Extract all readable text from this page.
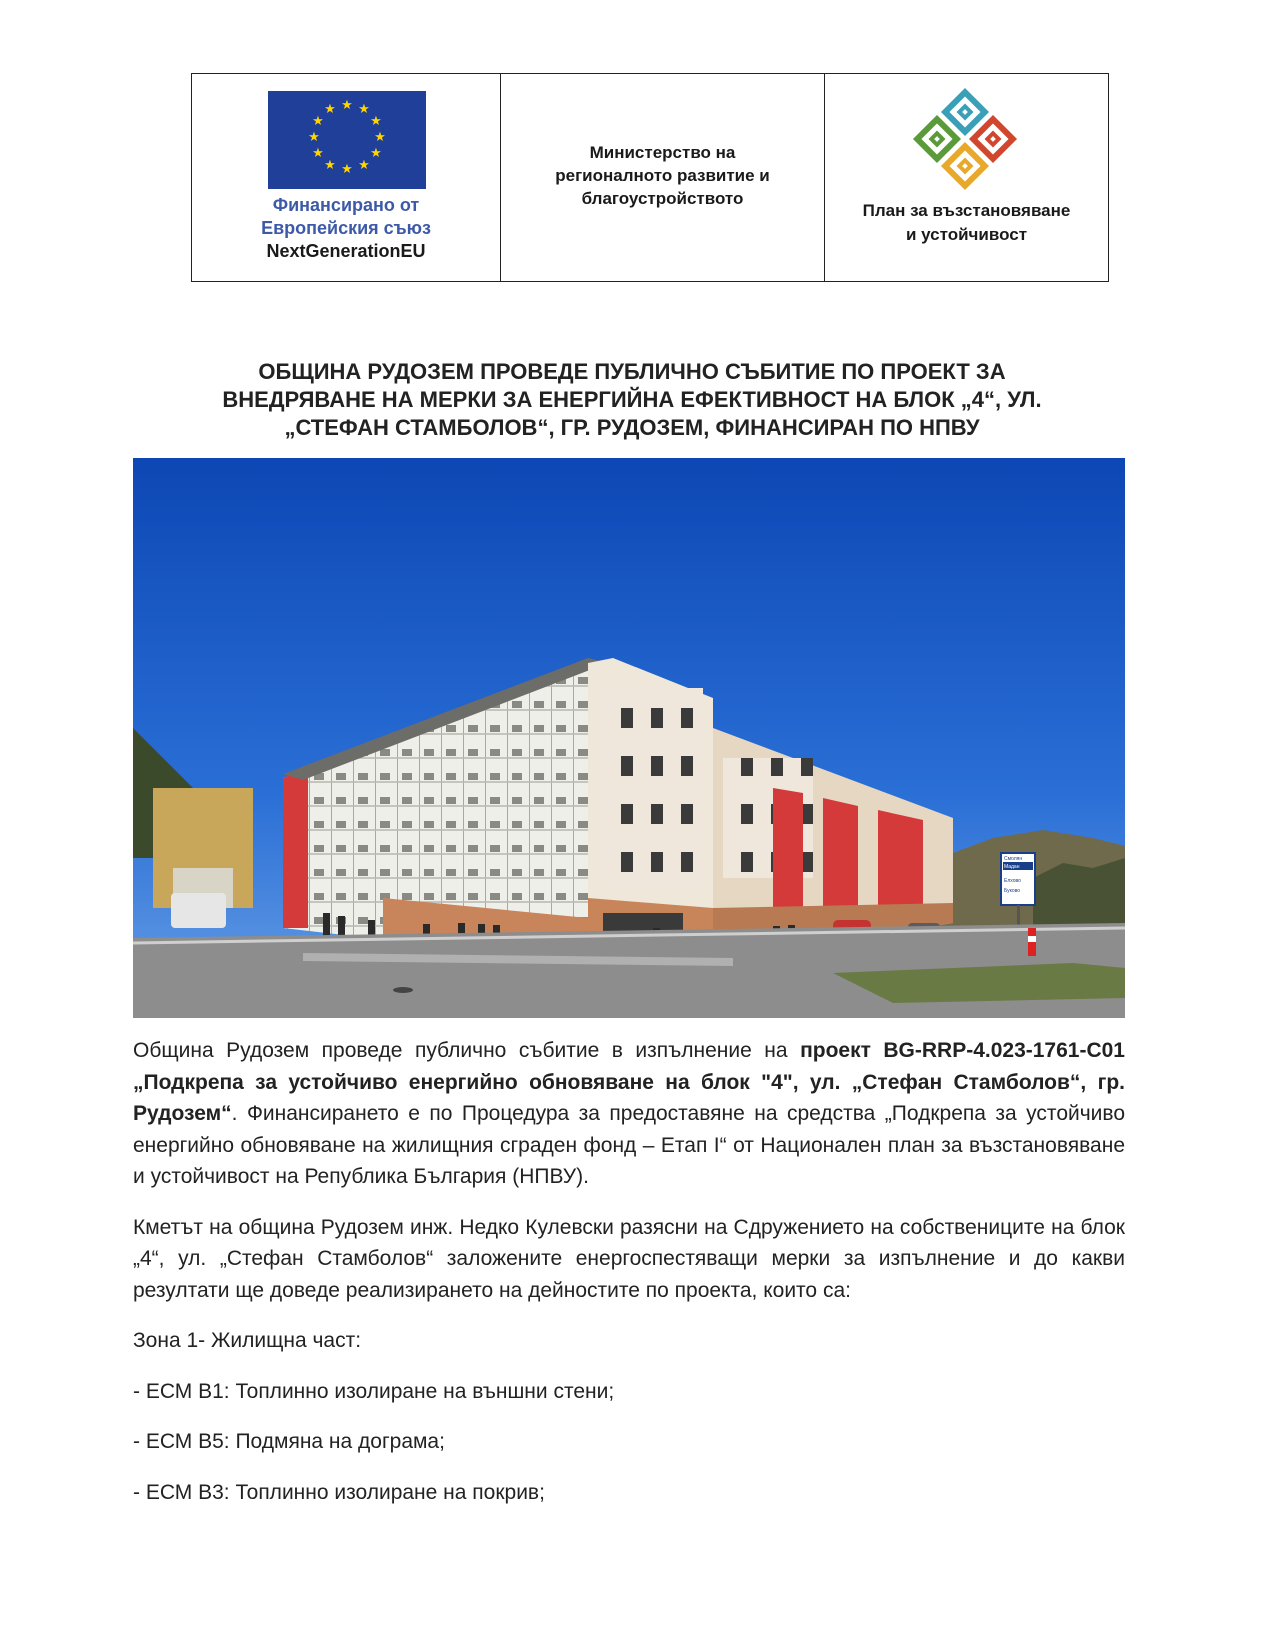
★ ★
★
★
★
★
★
★
★
★
★
★
Финансирано от
Европейския съюз
NextGenerationEU
Министерство на
регионалното развитие и
благоустройството
План за възстановяване
и устойчивост
ОБЩИНА РУДОЗЕМ ПРОВЕДЕ ПУБЛИЧНО СЪБИТИЕ ПО ПРОЕКТ ЗА
ВНЕДРЯВАНЕ НА МЕРКИ ЗА ЕНЕРГИЙНА ЕФЕКТИВНОСТ НА БЛОК „4“, УЛ.
„СТЕФАН СТАМБОЛОВ“, ГР. РУДОЗЕМ, ФИНАНСИРАН ПО НПВУ
Смолян
Мадан
Елхово
Буково

Община Рудозем проведе публично събитие в изпълнение на проект BG-RRP-4.023-1761-C01 „Подкрепа за устойчиво енергийно обновяване на блок "4", ул. „Стефан Стамболов“, гр. Рудозем“. Финансирането е по Процедура за предоставяне на средства „Подкрепа за устойчиво енергийно обновяване на жилищния сграден фонд – Етап I“ от Национален план за възстановяване и устойчивост на Република България (НПВУ).

Кметът на община Рудозем инж. Недко Кулевски разясни на Сдружението на собствениците на блок „4“, ул. „Стефан Стамболов“ заложените енергоспестяващи мерки за изпълнение и до какви резултати ще доведе реализирането на дейностите по проекта, които са:

Зона 1- Жилищна част:

- ЕСМ В1: Топлинно изолиране на външни стени;

- ЕСМ В5: Подмяна на дограма;

- ЕСМ В3: Топлинно изолиране на покрив;
